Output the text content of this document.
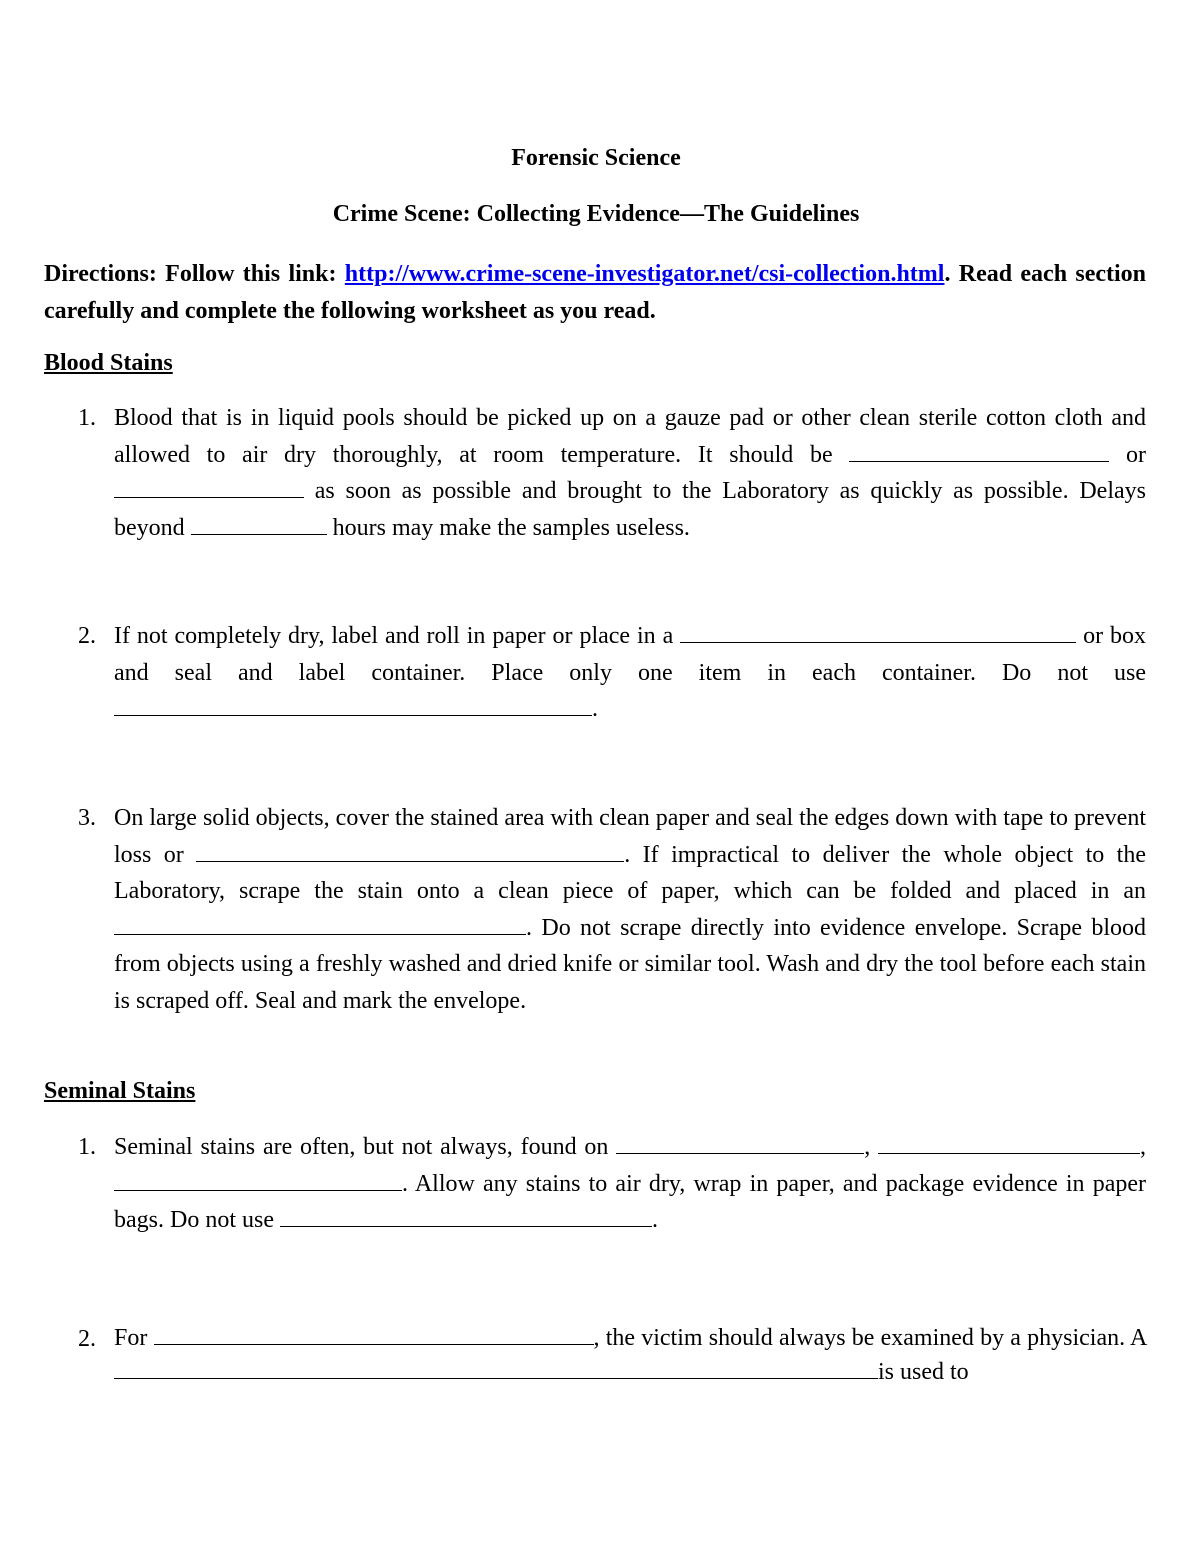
Forensic Science
Crime Scene: Collecting Evidence—The Guidelines
Directions: Follow this link: http://www.crime-scene-investigator.net/csi-collection.html. Read each section carefully and complete the following worksheet as you read.
Blood Stains
1. Blood that is in liquid pools should be picked up on a gauze pad or other clean sterile cotton cloth and allowed to air dry thoroughly, at room temperature. It should be	or  as soon as possible and brought to the Laboratory as quickly as possible. Delays beyond	hours may make the samples useless.
2. If not completely dry, label and roll in paper or place in a	or box and seal and label container. Place only one item in each container. Do not use .
3. On large solid objects, cover the stained area with clean paper and seal the edges down with tape to prevent loss or	. If impractical to deliver the whole object to the Laboratory, scrape the stain onto a clean piece of paper, which can be folded and placed in an . Do not scrape directly into evidence envelope. Scrape blood from objects using a freshly washed and dried knife or similar tool. Wash and dry the tool before each stain is scraped off. Seal and mark the envelope.
Seminal Stains
1. Seminal stains are often, but not always, found on	,	, . Allow any stains to air dry, wrap in paper, and package evidence in paper bags. Do not use	.
2. For	, the victim should always be examined by a physician. A is used to
